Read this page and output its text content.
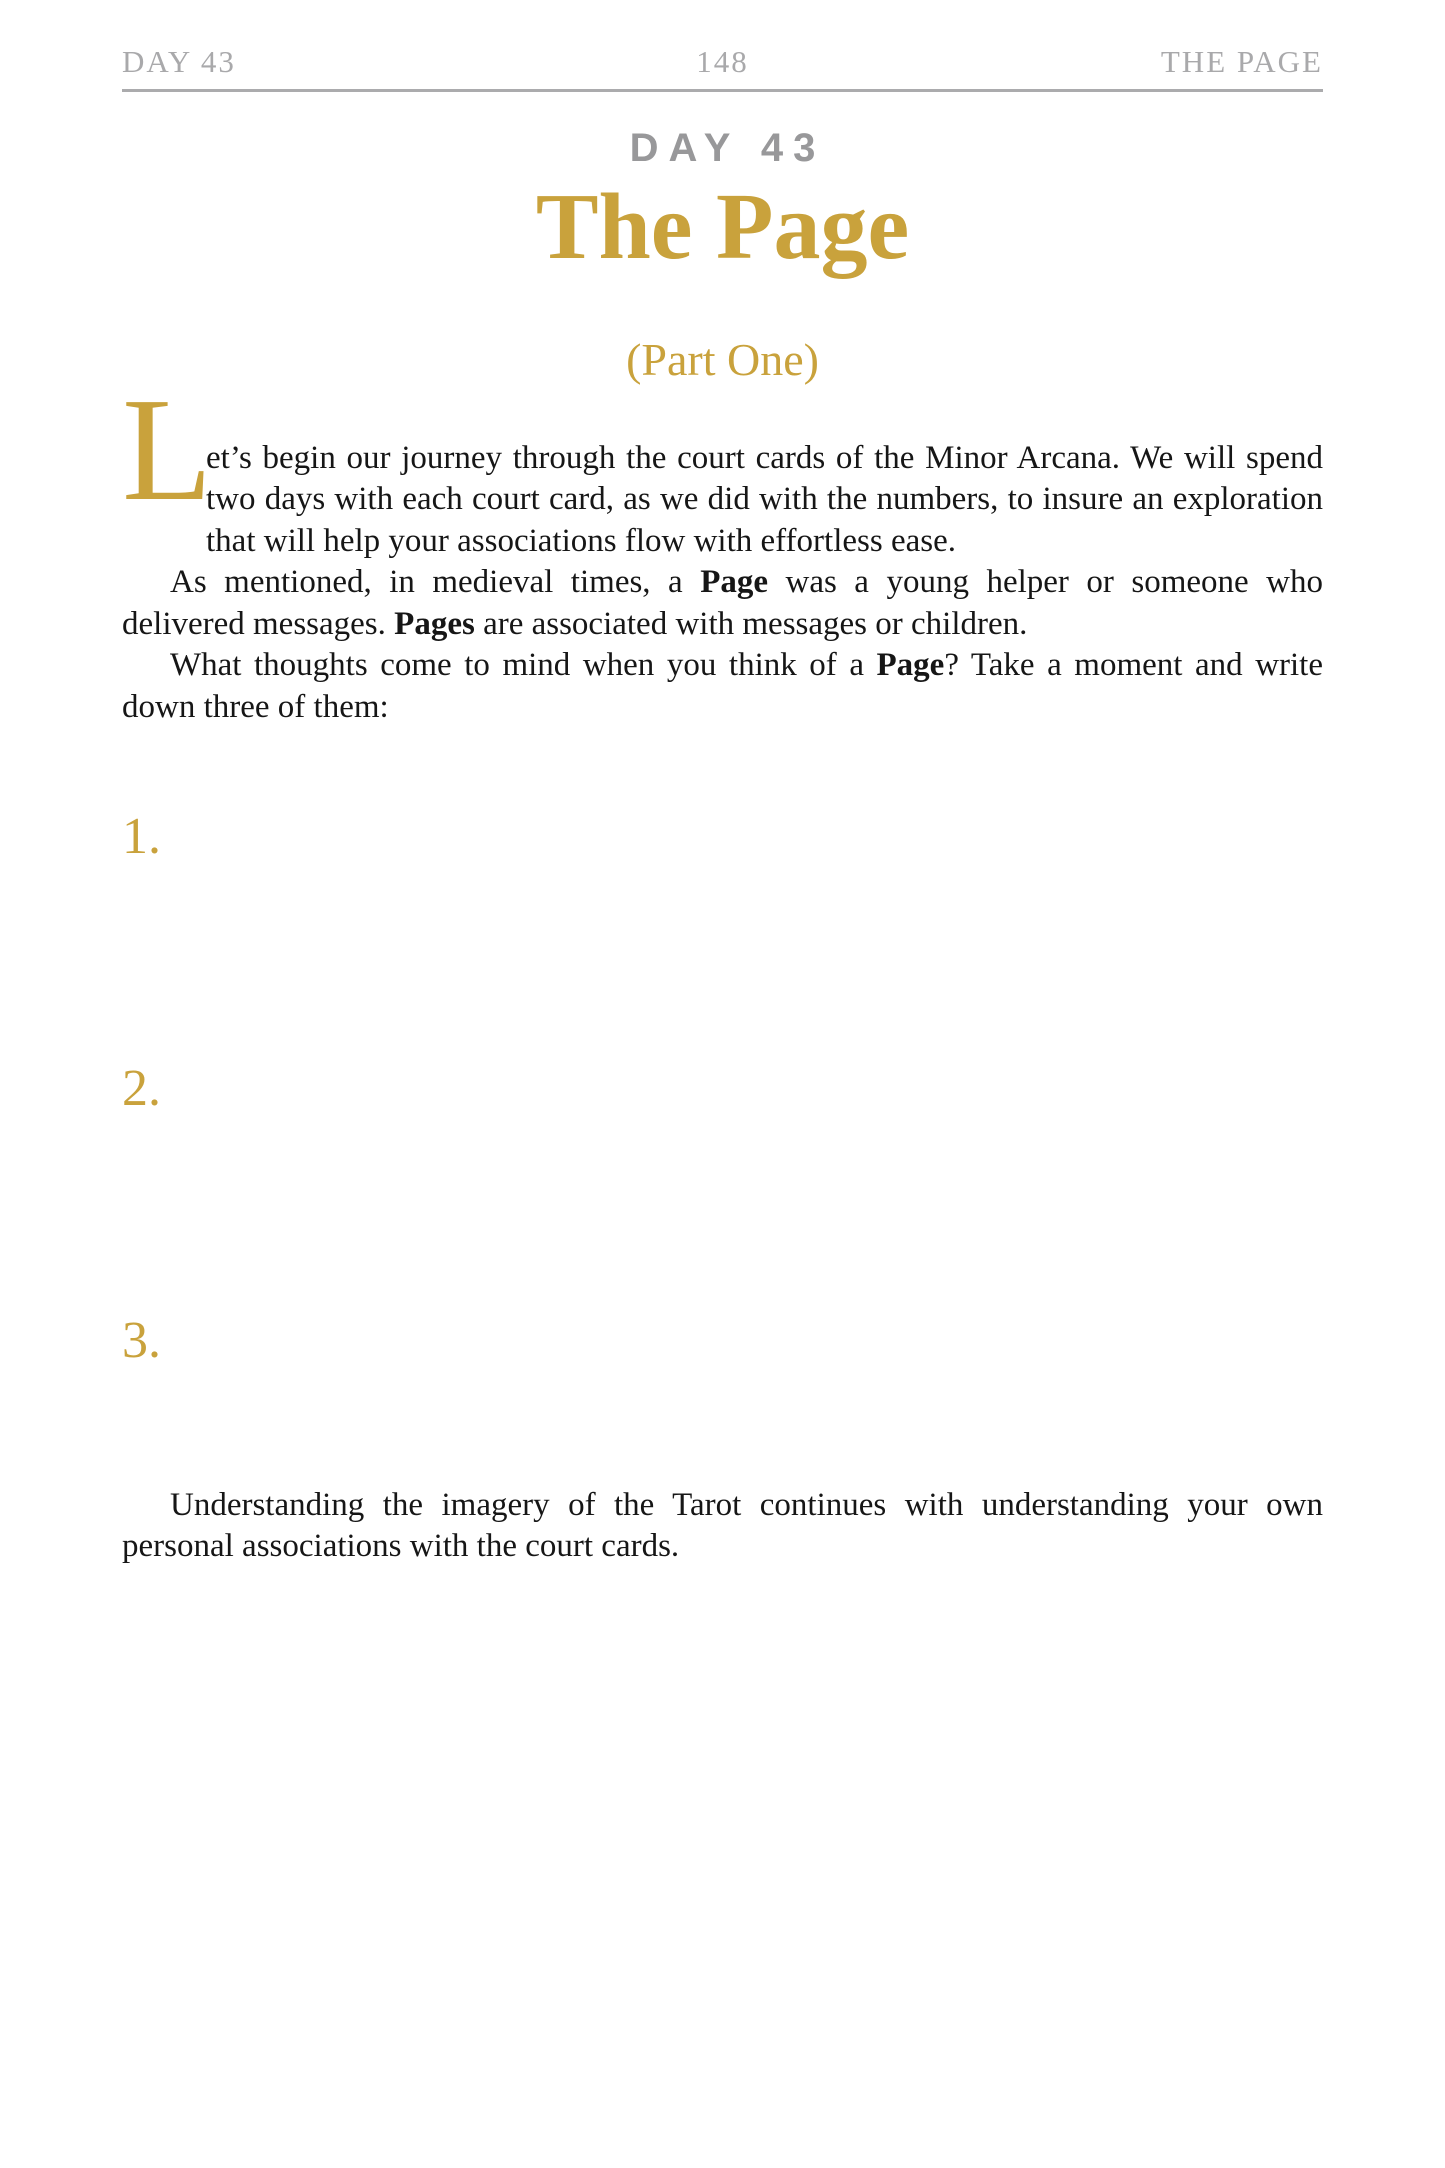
DAY 43	148	THE PAGE
DAY 43
The Page
(Part One)

L
et’s begin our journey through the court cards of the Minor Arcana. We will spend two days with each court card, as we did with the numbers, to insure an exploration that will help your associations flow with effortless ease.

As mentioned, in medieval times, a Page was a young helper or someone who delivered messages. Pages are associated with messages or children.

What thoughts come to mind when you think of a Page? Take a moment and write down three of them:

1.
2.
3.

Understanding the imagery of the Tarot continues with understanding your own personal associations with the court cards.
